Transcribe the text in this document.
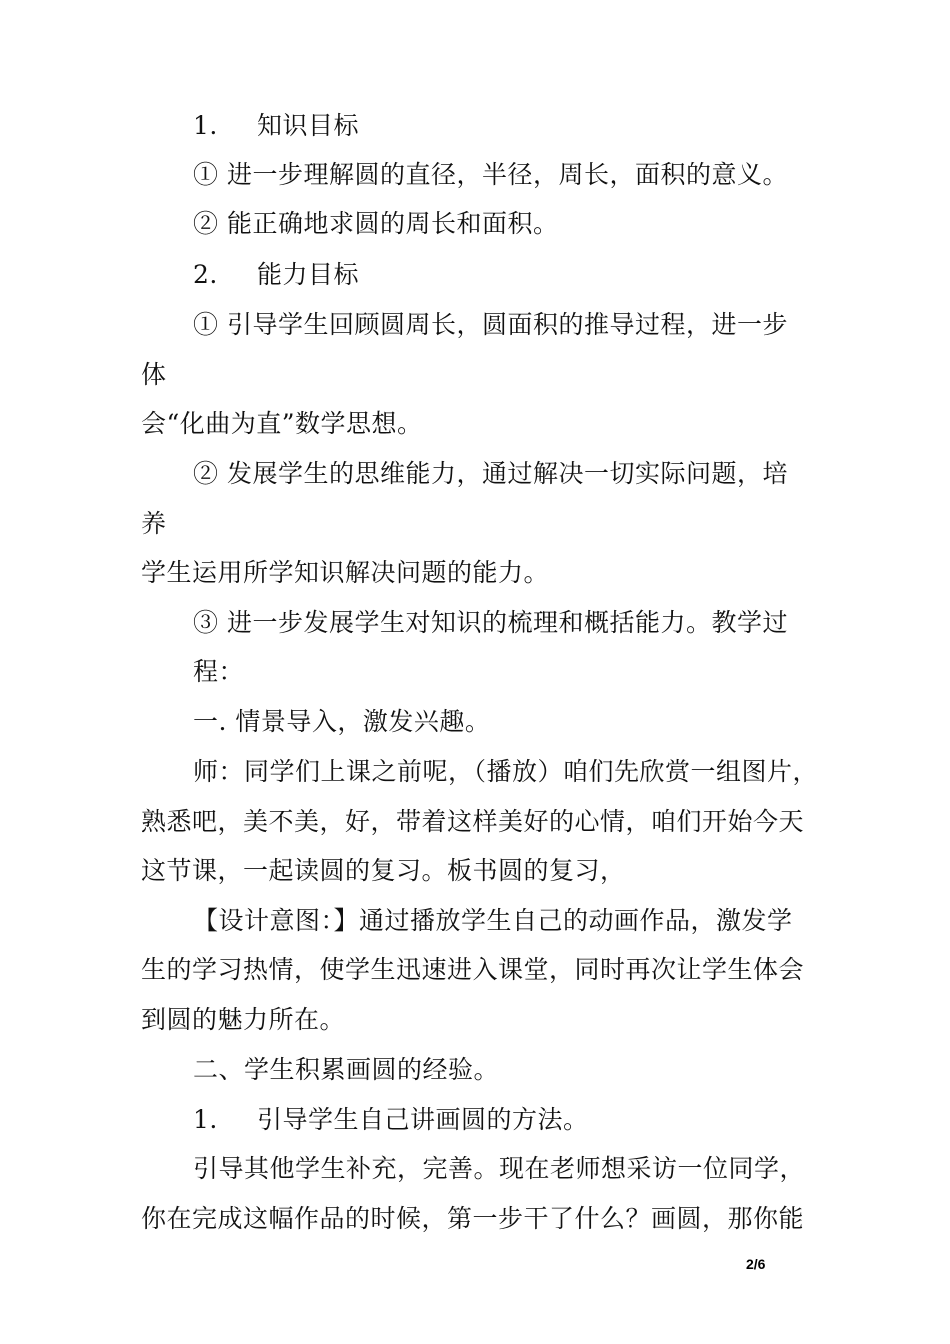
1. 知识目标
① 进一步理解圆的直径，半径，周长，面积的意义。
② 能正确地求圆的周长和面积。
2. 能力目标
① 引导学生回顾圆周长，圆面积的推导过程，进一步
体
会“化曲为直”数学思想。
② 发展学生的思维能力，通过解决一切实际问题，培
养
学生运用所学知识解决问题的能力。
③ 进一步发展学生对知识的梳理和概括能力。教学过
程：
一. 情景导入，激发兴趣。
师：同学们上课之前呢，（播放）咱们先欣赏一组图片，
熟悉吧，美不美，好，带着这样美好的心情，咱们开始今天
这节课，一起读圆的复习。板书圆的复习，
【设计意图：】通过播放学生自己的动画作品，激发学
生的学习热情，使学生迅速进入课堂，同时再次让学生体会
到圆的魅力所在。
二、学生积累画圆的经验。
1. 引导学生自己讲画圆的方法。
引导其他学生补充，完善。现在老师想采访一位同学，
你在完成这幅作品的时候，第一步干了什么？画圆，那你能
2/6
